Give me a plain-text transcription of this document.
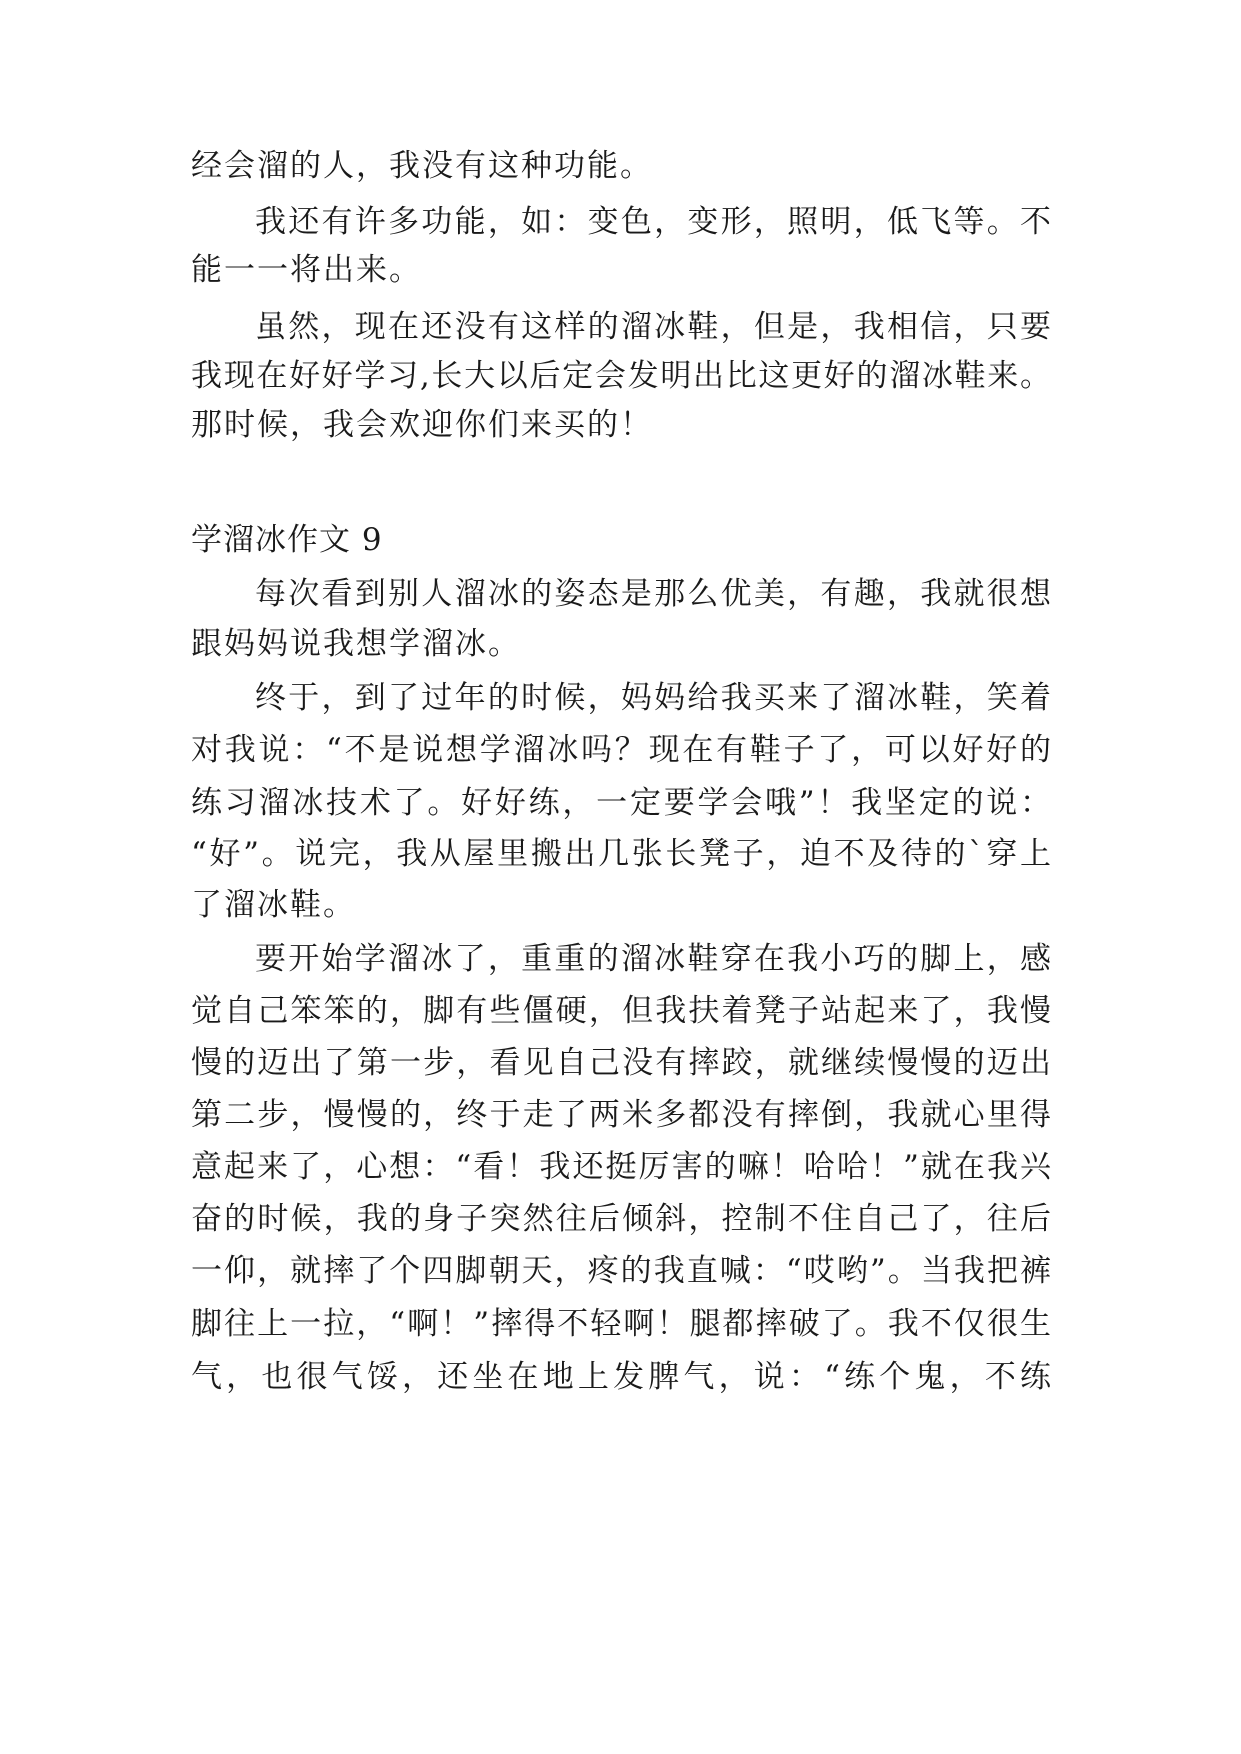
经会溜的人，我没有这种功能。
我还有许多功能，如：变色，变形，照明，低飞等。不
能一一将出来。
虽然，现在还没有这样的溜冰鞋，但是，我相信，只要
我现在好好学习,长大以后定会发明出比这更好的溜冰鞋来。
那时候，我会欢迎你们来买的！
学溜冰作文 9
每次看到别人溜冰的姿态是那么优美，有趣，我就很想
跟妈妈说我想学溜冰。
终于，到了过年的时候，妈妈给我买来了溜冰鞋，笑着
对我说：“不是说想学溜冰吗？现在有鞋子了，可以好好的
练习溜冰技术了。好好练，一定要学会哦”！我坚定的说：
“好”。说完，我从屋里搬出几张长凳子，迫不及待的`穿上
了溜冰鞋。
要开始学溜冰了，重重的溜冰鞋穿在我小巧的脚上，感
觉自己笨笨的，脚有些僵硬，但我扶着凳子站起来了，我慢
慢的迈出了第一步，看见自己没有摔跤，就继续慢慢的迈出
第二步，慢慢的，终于走了两米多都没有摔倒，我就心里得
意起来了，心想：“看！我还挺厉害的嘛！哈哈！”就在我兴
奋的时候，我的身子突然往后倾斜，控制不住自己了，往后
一仰，就摔了个四脚朝天，疼的我直喊：“哎哟”。当我把裤
脚往上一拉，“啊！”摔得不轻啊！腿都摔破了。我不仅很生
气，也很气馁，还坐在地上发脾气，说：“练个鬼，不练
